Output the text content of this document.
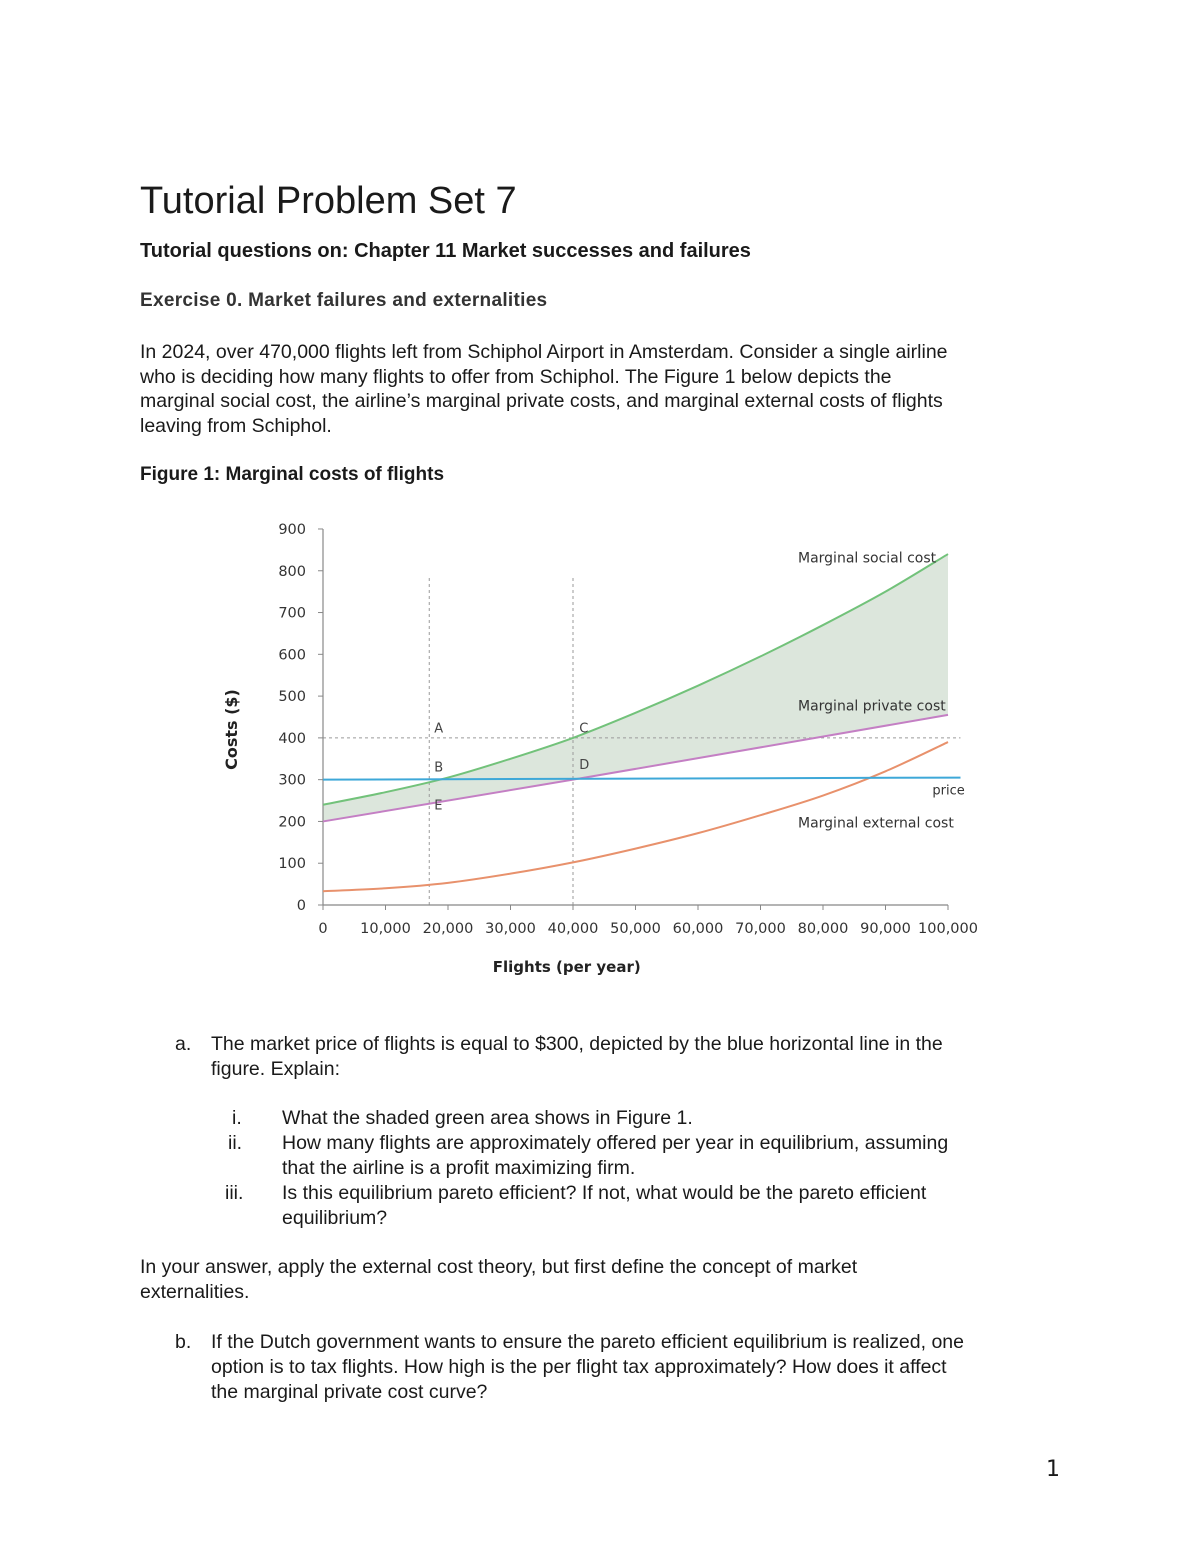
Tutorial Problem Set 7
Tutorial questions on: Chapter 11 Market successes and failures
Exercise 0. Market failures and externalities

In 2024, over 470,000 flights left from Schiphol Airport in Amsterdam. Consider a single airline
who is deciding how many flights to offer from Schiphol. The Figure 1 below depicts the
marginal social cost, the airline’s marginal private costs, and marginal external costs of flights
leaving from Schiphol.

Figure 1: Marginal costs of flights
0
100
200
300
400
500
600
700
800
900
0 10,000 20,000 30,000 40,000 50,000 60,000 70,000 80,000 90,000 100,000
Flights (per year)
Costs ($)	A
B
C
D
E
Marginal social cost
Marginal private cost
price
Marginal external cost
a. The market price of flights is equal to $300, depicted by the blue horizontal line in the
figure. Explain:
i. What the shaded green area shows in Figure 1.
ii. How many flights are approximately offered per year in equilibrium, assuming
that the airline is a profit maximizing firm.
iii. Is this equilibrium pareto efficient? If not, what would be the pareto efficient
equilibrium?

In your answer, apply the external cost theory, but first define the concept of market
externalities.

b. If the Dutch government wants to ensure the pareto efficient equilibrium is realized, one
option is to tax flights. How high is the per flight tax approximately? How does it affect
the marginal private cost curve?
1
